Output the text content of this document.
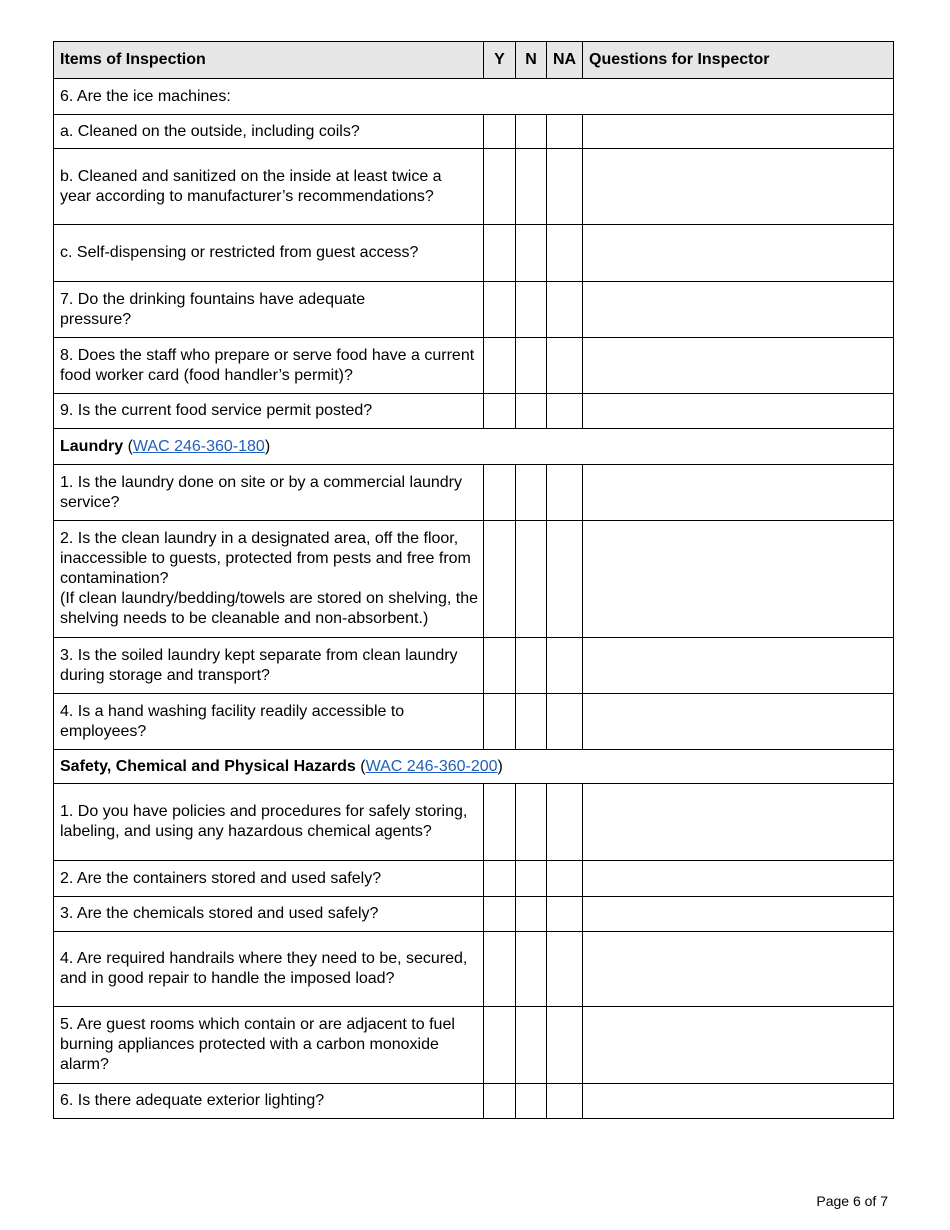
Items of Inspection	Y	N	NA	Questions for Inspector
6. Are the ice machines:				
a. Cleaned on the outside, including coils?				
b. Cleaned and sanitized on the inside at least twice a year according to manufacturer’s recommendations?				
c. Self-dispensing or restricted from guest access?				
7. Do the drinking fountains have adequate pressure?				
8. Does the staff who prepare or serve food have a current food worker card (food handler’s permit)?				
9. Is the current food service permit posted?				
Laundry (WAC 246-360-180)				
1. Is the laundry done on site or by a commercial laundry service?				
2. Is the clean laundry in a designated area, off the floor, inaccessible to guests, protected from pests and free from contamination?
(If clean laundry/bedding/towels are stored on shelving, the shelving needs to be cleanable and non-absorbent.)				
3. Is the soiled laundry kept separate from clean laundry during storage and transport?				
4. Is a hand washing facility readily accessible to employees?				
Safety, Chemical and Physical Hazards (WAC 246-360-200)				
1. Do you have policies and procedures for safely storing, labeling, and using any hazardous chemical agents?				
2. Are the containers stored and used safely?				
3. Are the chemicals stored and used safely?				
4. Are required handrails where they need to be, secured, and in good repair to handle the imposed load?				
5. Are guest rooms which contain or are adjacent to fuel burning appliances protected with a carbon monoxide alarm?				
6. Is there adequate exterior lighting?				
Page 6 of 7
